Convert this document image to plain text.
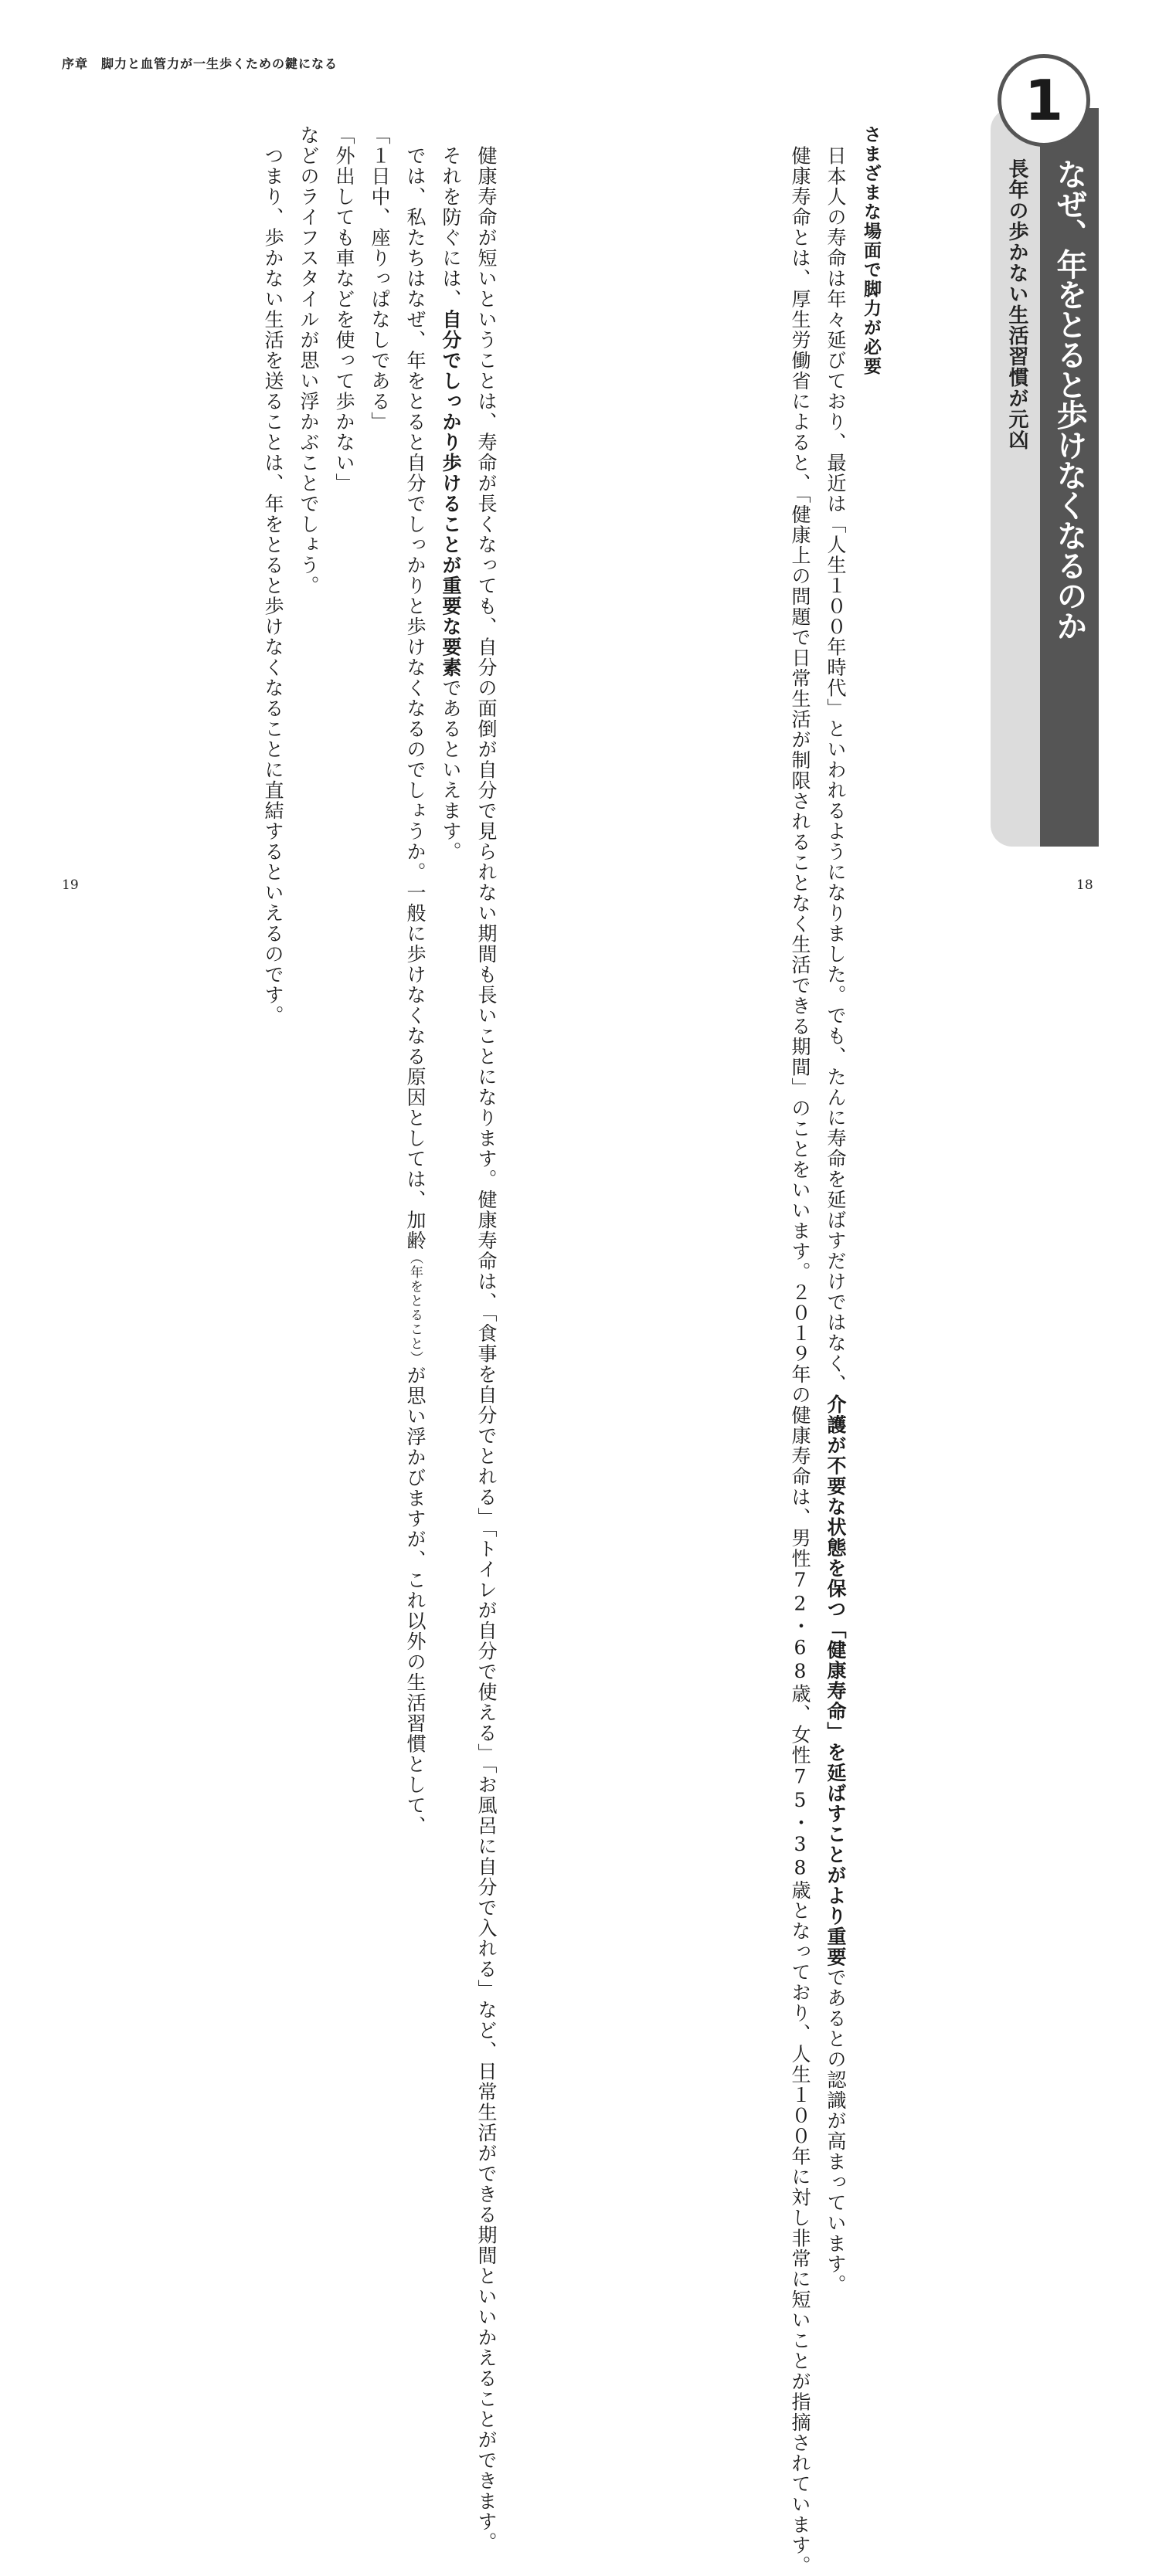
序章　脚力と血管力が一生歩くための鍵になる
なぜ、年をとると歩けなくなるのか
長年の歩かない生活習慣が元凶
1

さまざまな場面で脚力が必要

　日本人の寿命は年々延びており、最近は「人生１００年時代」といわれるようになりました。でも、たんに寿命を延ばすだけではなく、介護が不要な状態を保つ「健康寿命」を延ばすことがより重要であるとの認識が高まっています。

　健康寿命とは、厚生労働省によると、「健康上の問題で日常生活が制限されることなく生活できる期間」のことをいいます。２０１９年の健康寿命は、男性72・68歳、女性75・38歳となっており、人生１００年に対し非常に短いことが指摘されています。

　健康寿命が短いということは、寿命が長くなっても、自分の面倒が自分で見られない期間も長いことになります。健康寿命は、「食事を自分でとれる」「トイレが自分で使える」「お風呂に自分で入れる」など、日常生活ができる期間といいかえることができます。

　それを防ぐには、自分でしっかり歩けることが重要な要素であるといえます。

　では、私たちはなぜ、年をとると自分でしっかりと歩けなくなるのでしょうか。一般に歩けなくなる原因としては、加齢（年をとること）が思い浮かびますが、これ以外の生活習慣として、

「１日中、座りっぱなしである」

「外出しても車などを使って歩かない」

などのライフスタイルが思い浮かぶことでしょう。

　つまり、歩かない生活を送ることは、年をとると歩けなくなることに直結するといえるのです。

19	18
